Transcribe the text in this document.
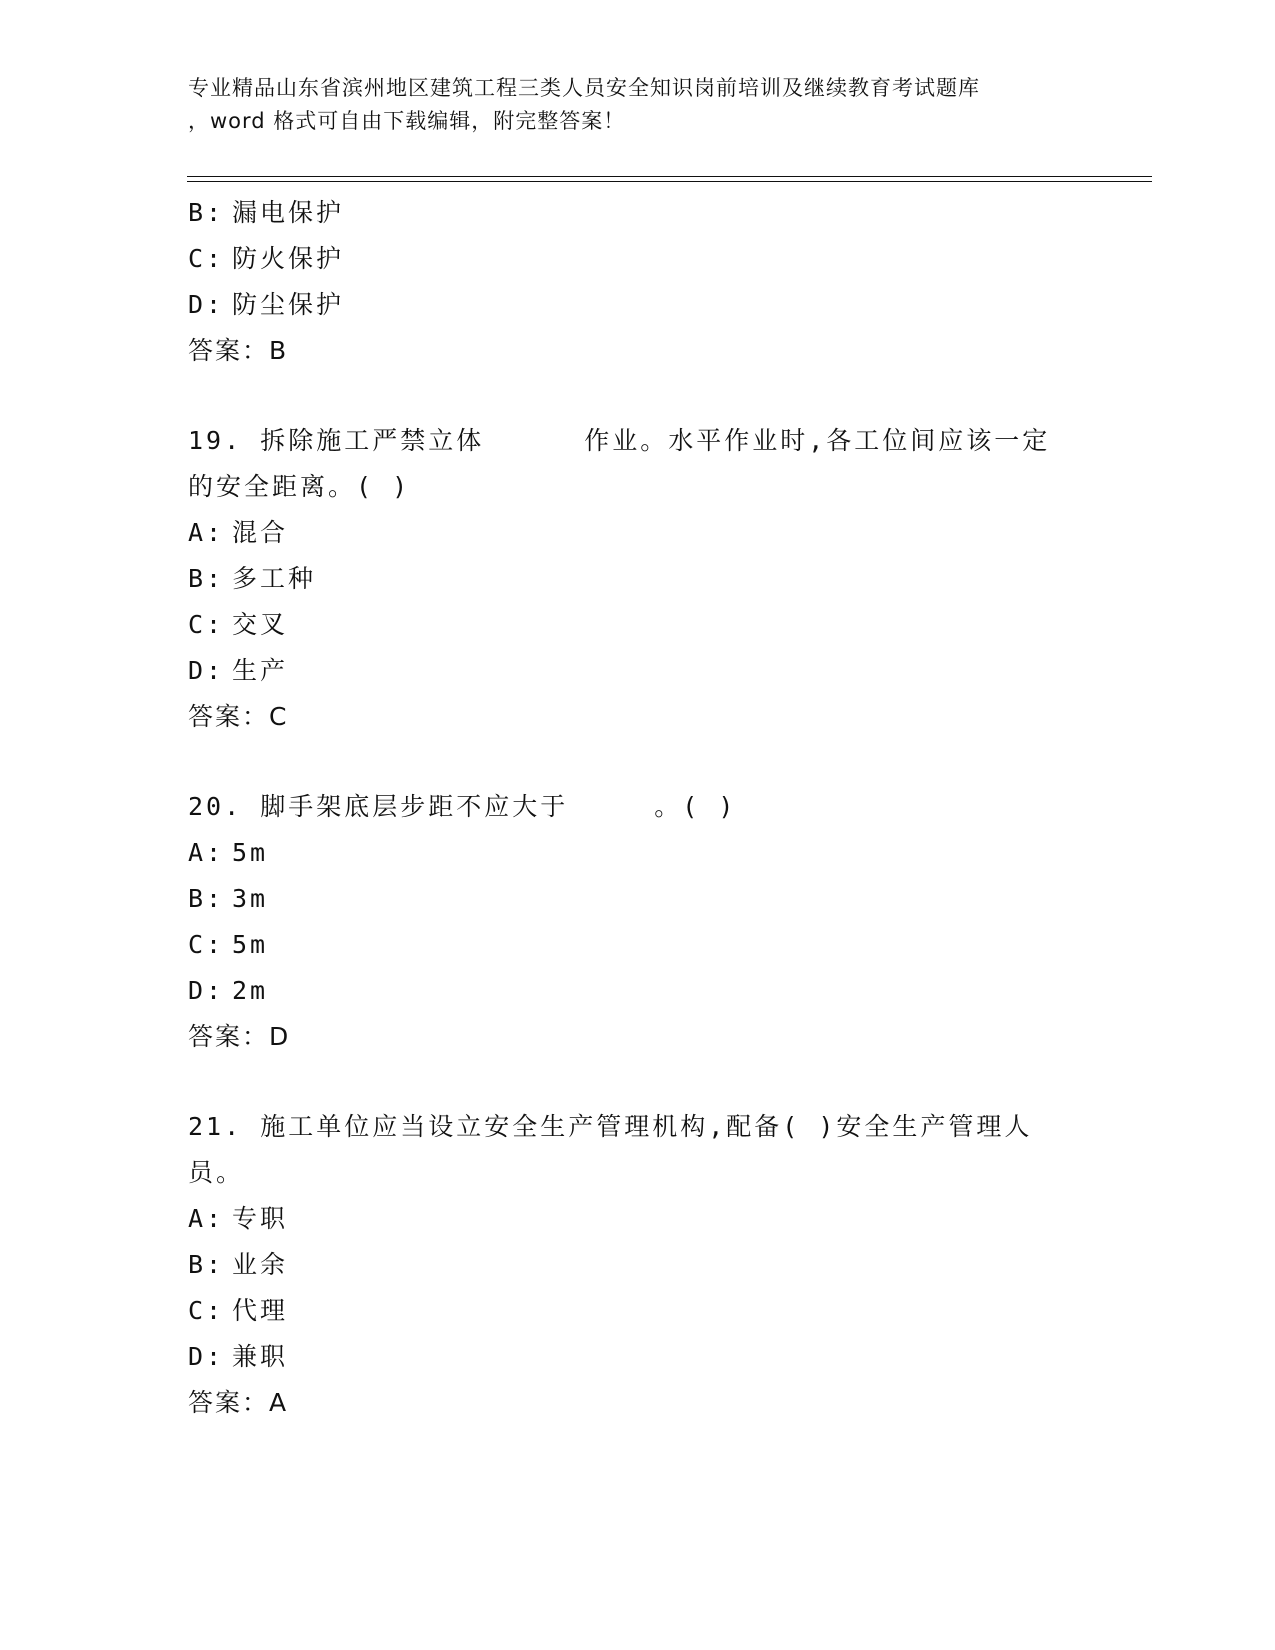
专业精品山东省滨州地区建筑工程三类人员安全知识岗前培训及继续教育考试题库
，word 格式可自由下载编辑，附完整答案！
B: 漏电保护
C: 防火保护
D: 防尘保护
答案：B
19. 拆除施工严禁立体	作业。水平作业时,各工位间应该一定
的安全距离。( )
A: 混合
B: 多工种
C: 交叉
D: 生产
答案：C
20. 脚手架底层步距不应大于	。( )
A: 5m
B: 3m
C: 5m
D: 2m
答案：D
21. 施工单位应当设立安全生产管理机构,配备( )安全生产管理人
员。
A: 专职
B: 业余
C: 代理
D: 兼职
答案：A
